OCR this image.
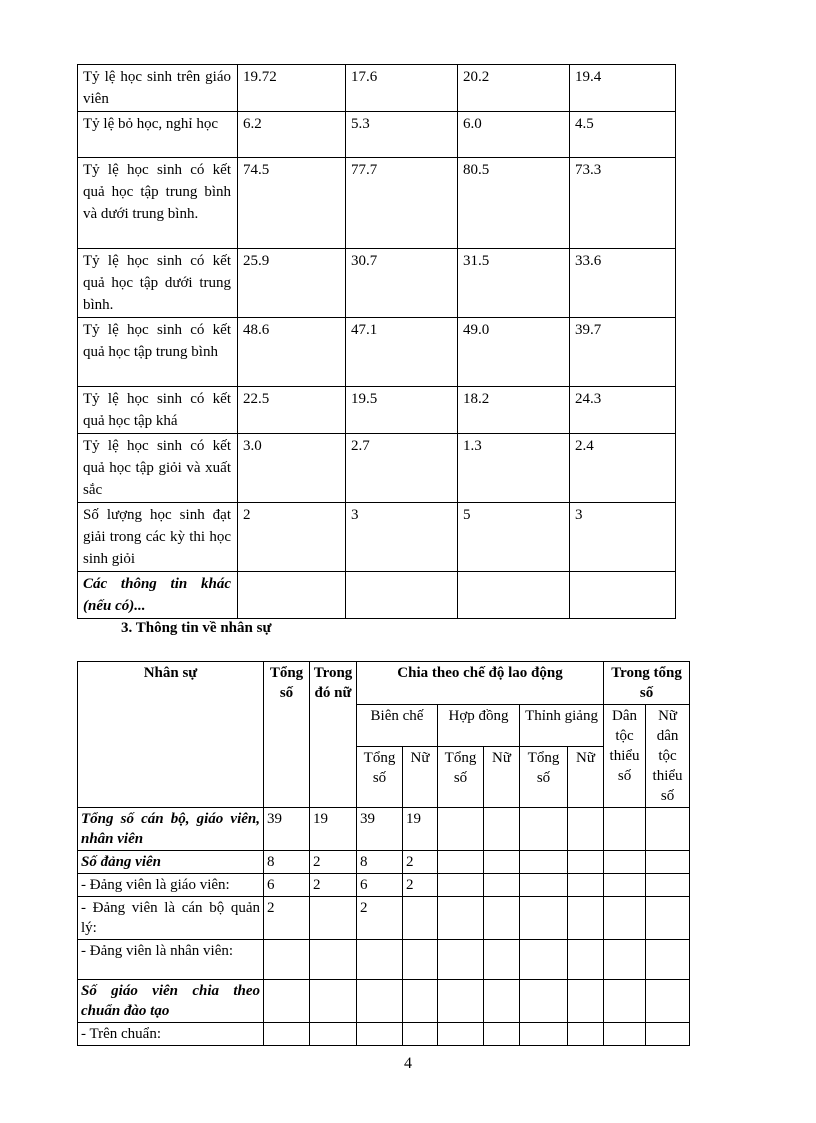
Tỷ lệ học sinh trên giáo viên	19.72	17.6	20.2	19.4
Tỷ lệ bỏ học, nghỉ học	6.2	5.3	6.0	4.5
Tỷ lệ học sinh có kết quả học tập trung bình và dưới trung bình.	74.5	77.7	80.5	73.3
Tỷ lệ học sinh có kết quả học tập dưới trung bình.	25.9	30.7	31.5	33.6
Tỷ lệ học sinh có kết quả học tập trung bình	48.6	47.1	49.0	39.7
Tỷ lệ học sinh có kết quả học tập khá	22.5	19.5	18.2	24.3
Tỷ lệ học sinh có kết quả học tập giỏi và xuất sắc	3.0	2.7	1.3	2.4
Số lượng học sinh đạt giải trong các kỳ thi học sinh giỏi	2	3	5	3
Các thông tin khác (nếu có)...				
3. Thông tin về nhân sự
Nhân sự	Tổng số	Trong đó nữ	Chia theo chế độ lao động						Trong tổng số	
			Biên chế		Hợp đồng		Thỉnh giảng		Dân tộc thiểu số	Nữ dân tộc thiểu số
			Tổng số	Nữ	Tổng số	Nữ	Tổng số	Nữ		
Tổng số cán bộ, giáo viên, nhân viên	39	19	39	19						
Số đảng viên	8	2	8	2						
- Đảng viên là giáo viên:	6	2	6	2						
- Đảng viên là cán bộ quản lý:	2		2							
- Đảng viên là nhân viên:										
Số giáo viên chia theo chuẩn đào tạo										
- Trên chuẩn:										
4
